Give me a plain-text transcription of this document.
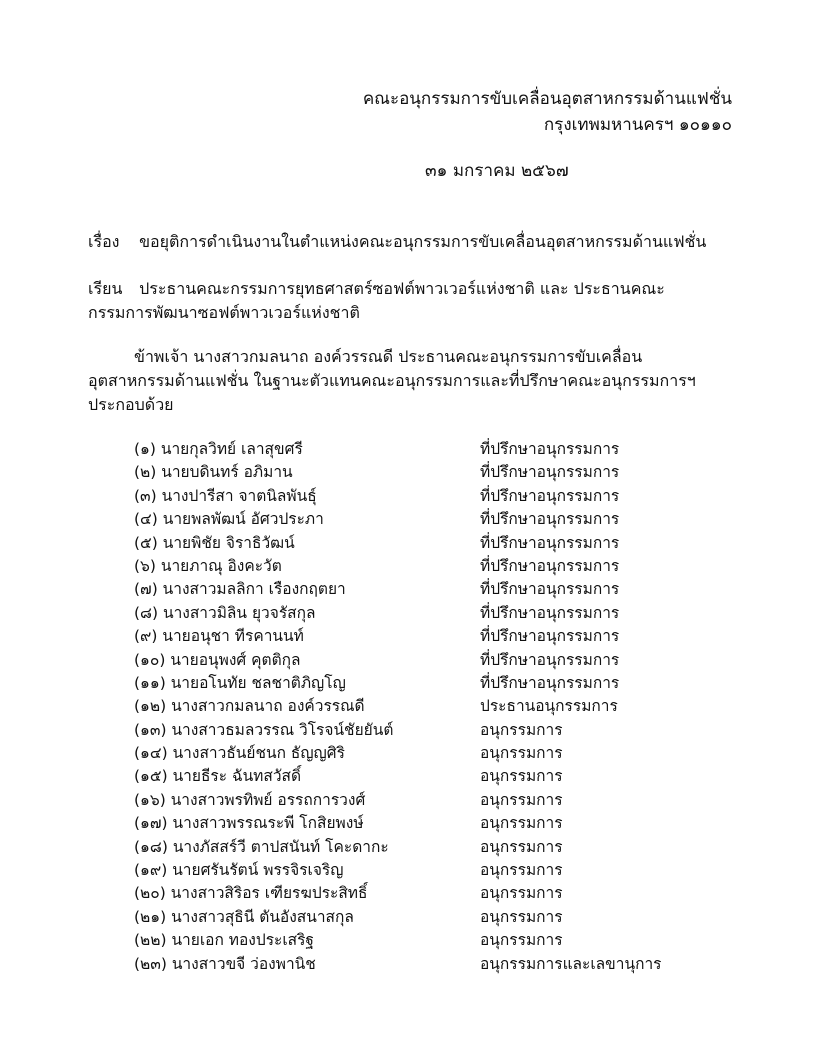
คณะอนุกรรมการขับเคลื่อนอุตสาหกรรมด้านแฟชั่น
กรุงเทพมหานครฯ ๑๐๑๑๐
๓๑ มกราคม ๒๕๖๗
เรื่อง ขอยุติการดำเนินงานในตำแหน่งคณะอนุกรรมการขับเคลื่อนอุตสาหกรรมด้านแฟชั่น
เรียน ประธานคณะกรรมการยุทธศาสตร์ซอฟต์พาวเวอร์แห่งชาติ และ ประธานคณะกรรมการพัฒนาซอฟต์พาวเวอร์แห่งชาติ
ข้าพเจ้า นางสาวกมลนาถ องค์วรรณดี ประธานคณะอนุกรรมการขับเคลื่อนอุตสาหกรรมด้านแฟชั่น ในฐานะตัวแทนคณะอนุกรรมการและที่ปรึกษาคณะอนุกรรมการฯ ประกอบด้วย
(๑) นายกุลวิทย์ เลาสุขศรี	ที่ปรึกษาอนุกรรมการ
(๒) นายบดินทร์ อภิมาน	ที่ปรึกษาอนุกรรมการ
(๓) นางปารีสา จาตนิลพันธุ์	ที่ปรึกษาอนุกรรมการ
(๔) นายพลพัฒน์ อัศวประภา	ที่ปรึกษาอนุกรรมการ
(๕) นายพิชัย จิราธิวัฒน์	ที่ปรึกษาอนุกรรมการ
(๖) นายภาณุ อิงคะวัต	ที่ปรึกษาอนุกรรมการ
(๗) นางสาวมลลิกา เรืองกฤตยา	ที่ปรึกษาอนุกรรมการ
(๘) นางสาวมิลิน ยุวจรัสกุล	ที่ปรึกษาอนุกรรมการ
(๙) นายอนุชา ทีรคานนท์	ที่ปรึกษาอนุกรรมการ
(๑๐) นายอนุพงศ์ คุตติกุล	ที่ปรึกษาอนุกรรมการ
(๑๑) นายอโนทัย ชลชาติภิญโญ	ที่ปรึกษาอนุกรรมการ
(๑๒) นางสาวกมลนาถ องค์วรรณดี	ประธานอนุกรรมการ
(๑๓) นางสาวธมลวรรณ วิโรจน์ชัยยันต์	อนุกรรมการ
(๑๔) นางสาวธันย์ชนก ธัญญศิริ	อนุกรรมการ
(๑๕) นายธีระ ฉันทสวัสดิ์	อนุกรรมการ
(๑๖) นางสาวพรทิพย์ อรรถการวงศ์	อนุกรรมการ
(๑๗) นางสาวพรรณระพี โกสิยพงษ์	อนุกรรมการ
(๑๘) นางภัสสร์วี ตาปสนันท์ โคะดากะ	อนุกรรมการ
(๑๙) นายศรันรัตน์ พรรจิรเจริญ	อนุกรรมการ
(๒๐) นางสาวสิริอร เฑียรฆประสิทธิ์	อนุกรรมการ
(๒๑) นางสาวสุธินี ตันอังสนาสกุล	อนุกรรมการ
(๒๒) นายเอก ทองประเสริฐ	อนุกรรมการ
(๒๓) นางสาวขจี ว่องพานิช	อนุกรรมการและเลขานุการ
